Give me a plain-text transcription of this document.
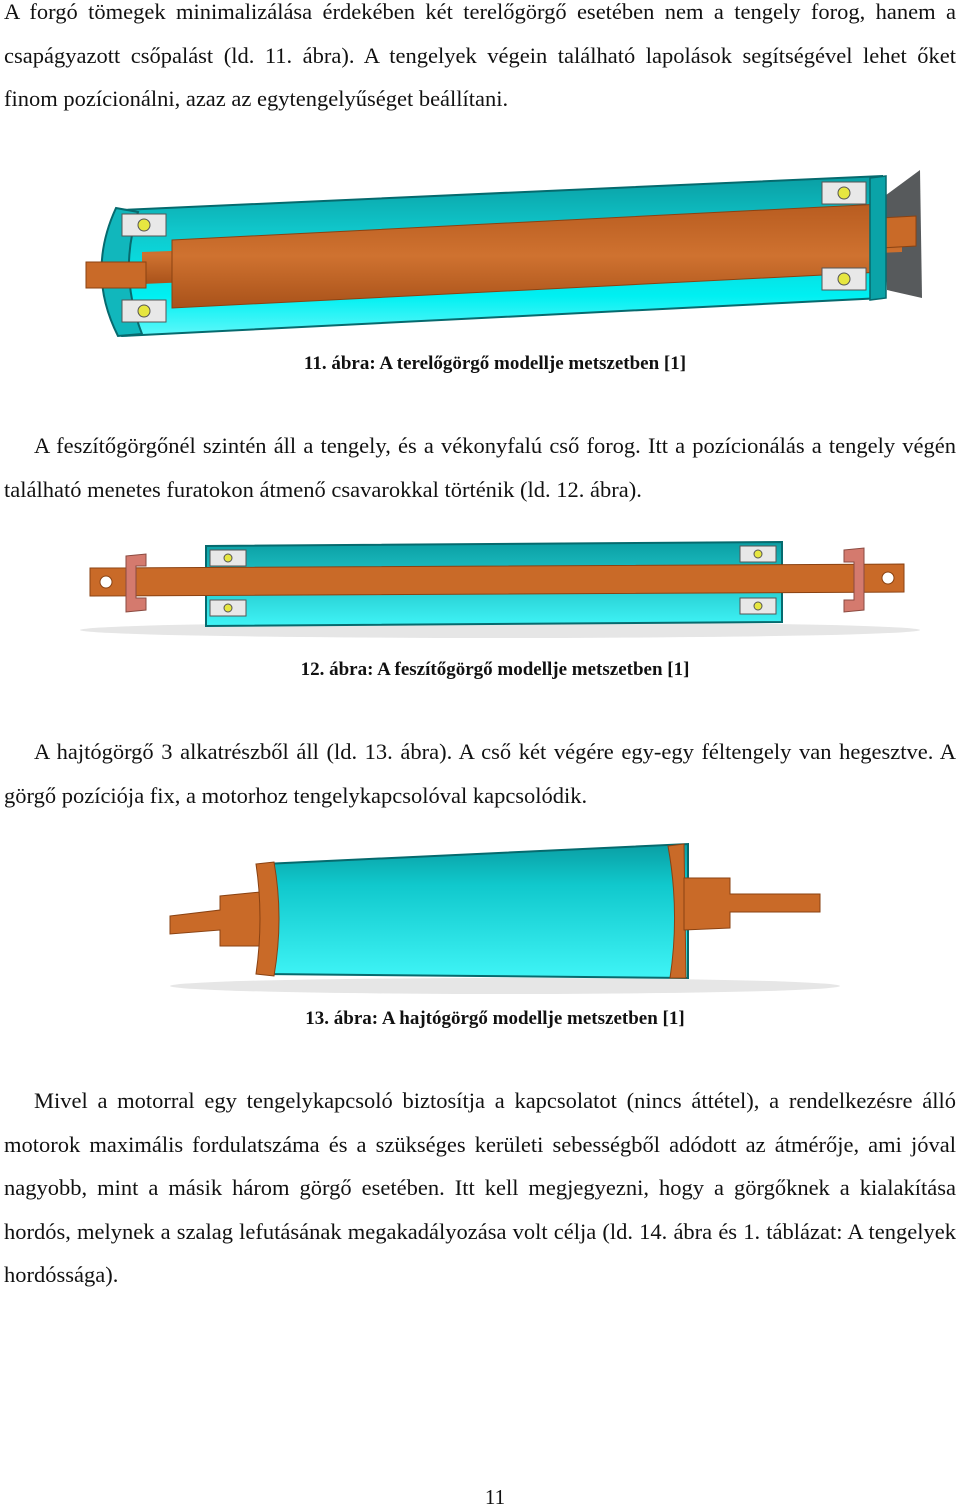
A forgó tömegek minimalizálása érdekében két terelőgörgő esetében nem a tengely forog, hanem a csapágyazott csőpalást (ld. 11. ábra). A tengelyek végein található lapolások segítségével lehet őket finom pozícionálni, azaz az egytengelyűséget beállítani.

11. ábra: A terelőgörgő modellje metszetben [1]

A feszítőgörgőnél szintén áll a tengely, és a vékonyfalú cső forog. Itt a pozícionálás a tengely végén található menetes furatokon átmenő csavarokkal történik (ld. 12. ábra).

12. ábra: A feszítőgörgő modellje metszetben [1]

A hajtógörgő 3 alkatrészből áll (ld. 13. ábra). A cső két végére egy-egy féltengely van hegesztve. A görgő pozíciója fix, a motorhoz tengelykapcsolóval kapcsolódik.

13. ábra: A hajtógörgő modellje metszetben [1]

Mivel a motorral egy tengelykapcsoló biztosítja a kapcsolatot (nincs áttétel), a rendelkezésre álló motorok maximális fordulatszáma és a szükséges kerületi sebességből adódott az átmérője, ami jóval nagyobb, mint a másik három görgő esetében. Itt kell megjegyezni, hogy a görgőknek a kialakítása hordós, melynek a szalag lefutásának megakadályozása volt célja (ld. 14. ábra és 1. táblázat: A tengelyek hordóssága).

11
